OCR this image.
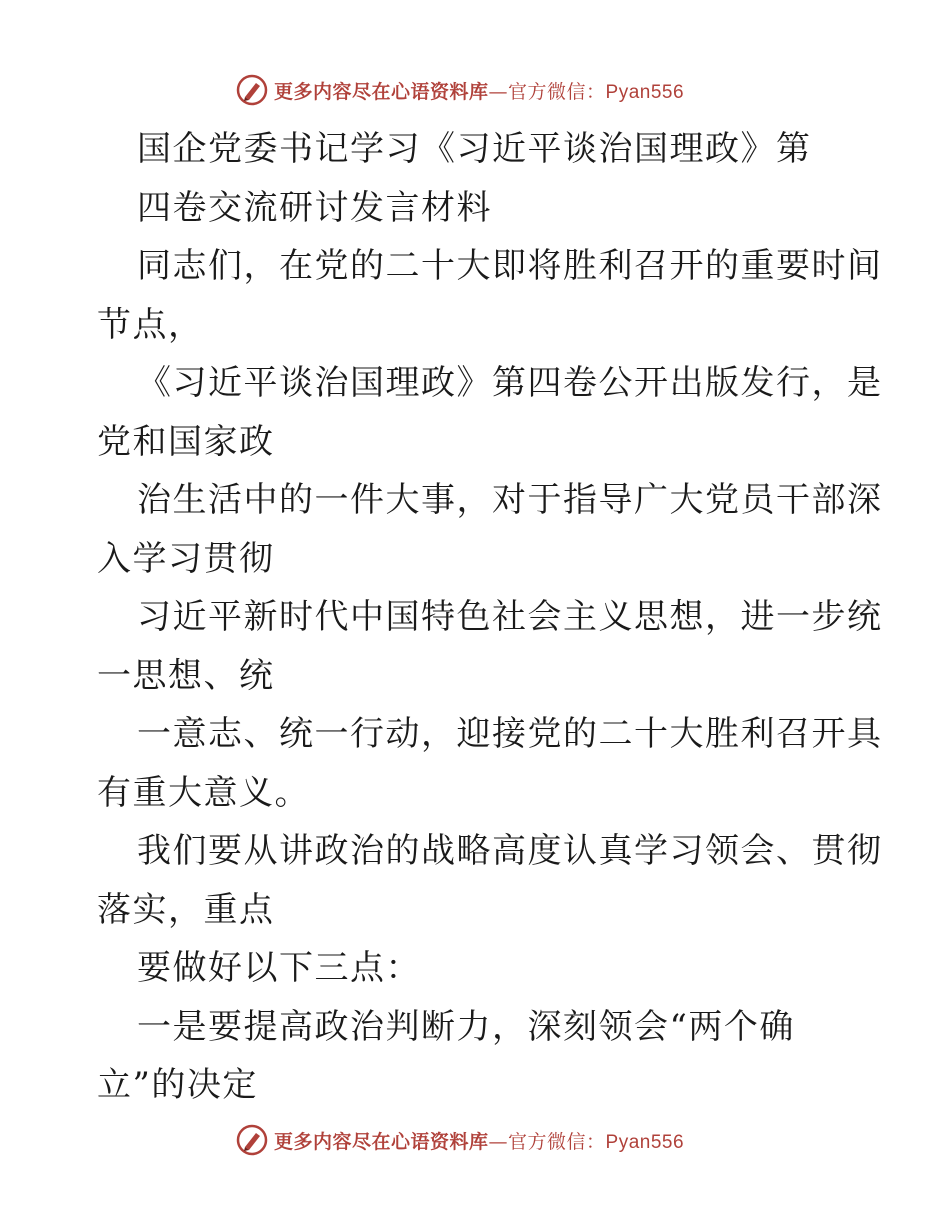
更多内容尽在心语资料库—官方微信：Pyan556
国企党委书记学习《习近平谈治国理政》第
四卷交流研讨发言材料
同志们，在党的二十大即将胜利召开的重要时间
节点，
《习近平谈治国理政》第四卷公开出版发行，是
党和国家政
治生活中的一件大事，对于指导广大党员干部深
入学习贯彻
习近平新时代中国特色社会主义思想，进一步统
一思想、统
一意志、统一行动，迎接党的二十大胜利召开具
有重大意义。
我们要从讲政治的战略高度认真学习领会、贯彻
落实，重点
要做好以下三点：
一是要提高政治判断力，深刻领会“两个确
立”的决定
更多内容尽在心语资料库—官方微信：Pyan556
